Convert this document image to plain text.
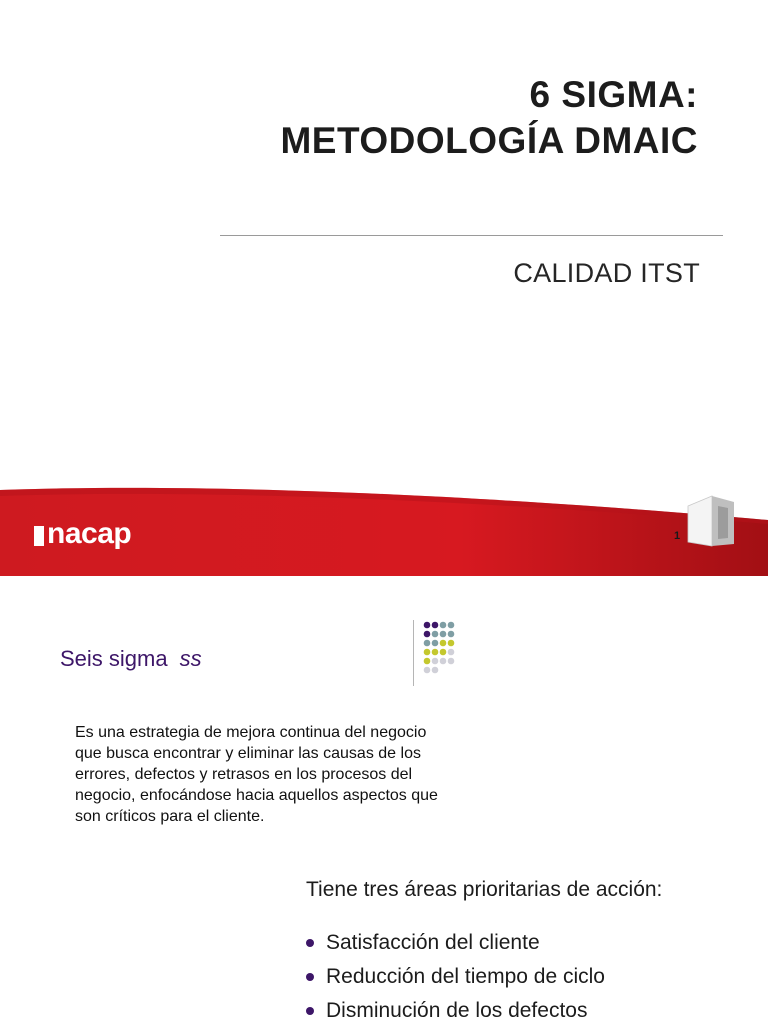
6 SIGMA:
METODOLOGÍA DMAIC
CALIDAD ITST
nacap	1
Seis sigma ss

Es una estrategia de mejora continua del negocio que busca encontrar y eliminar las causas de los errores, defectos y retrasos en los procesos del negocio, enfocándose hacia aquellos aspectos que son críticos para el cliente.

Tiene tres áreas prioritarias de acción:
Satisfacción del cliente
Reducción del tiempo de ciclo
Disminución de los defectos
